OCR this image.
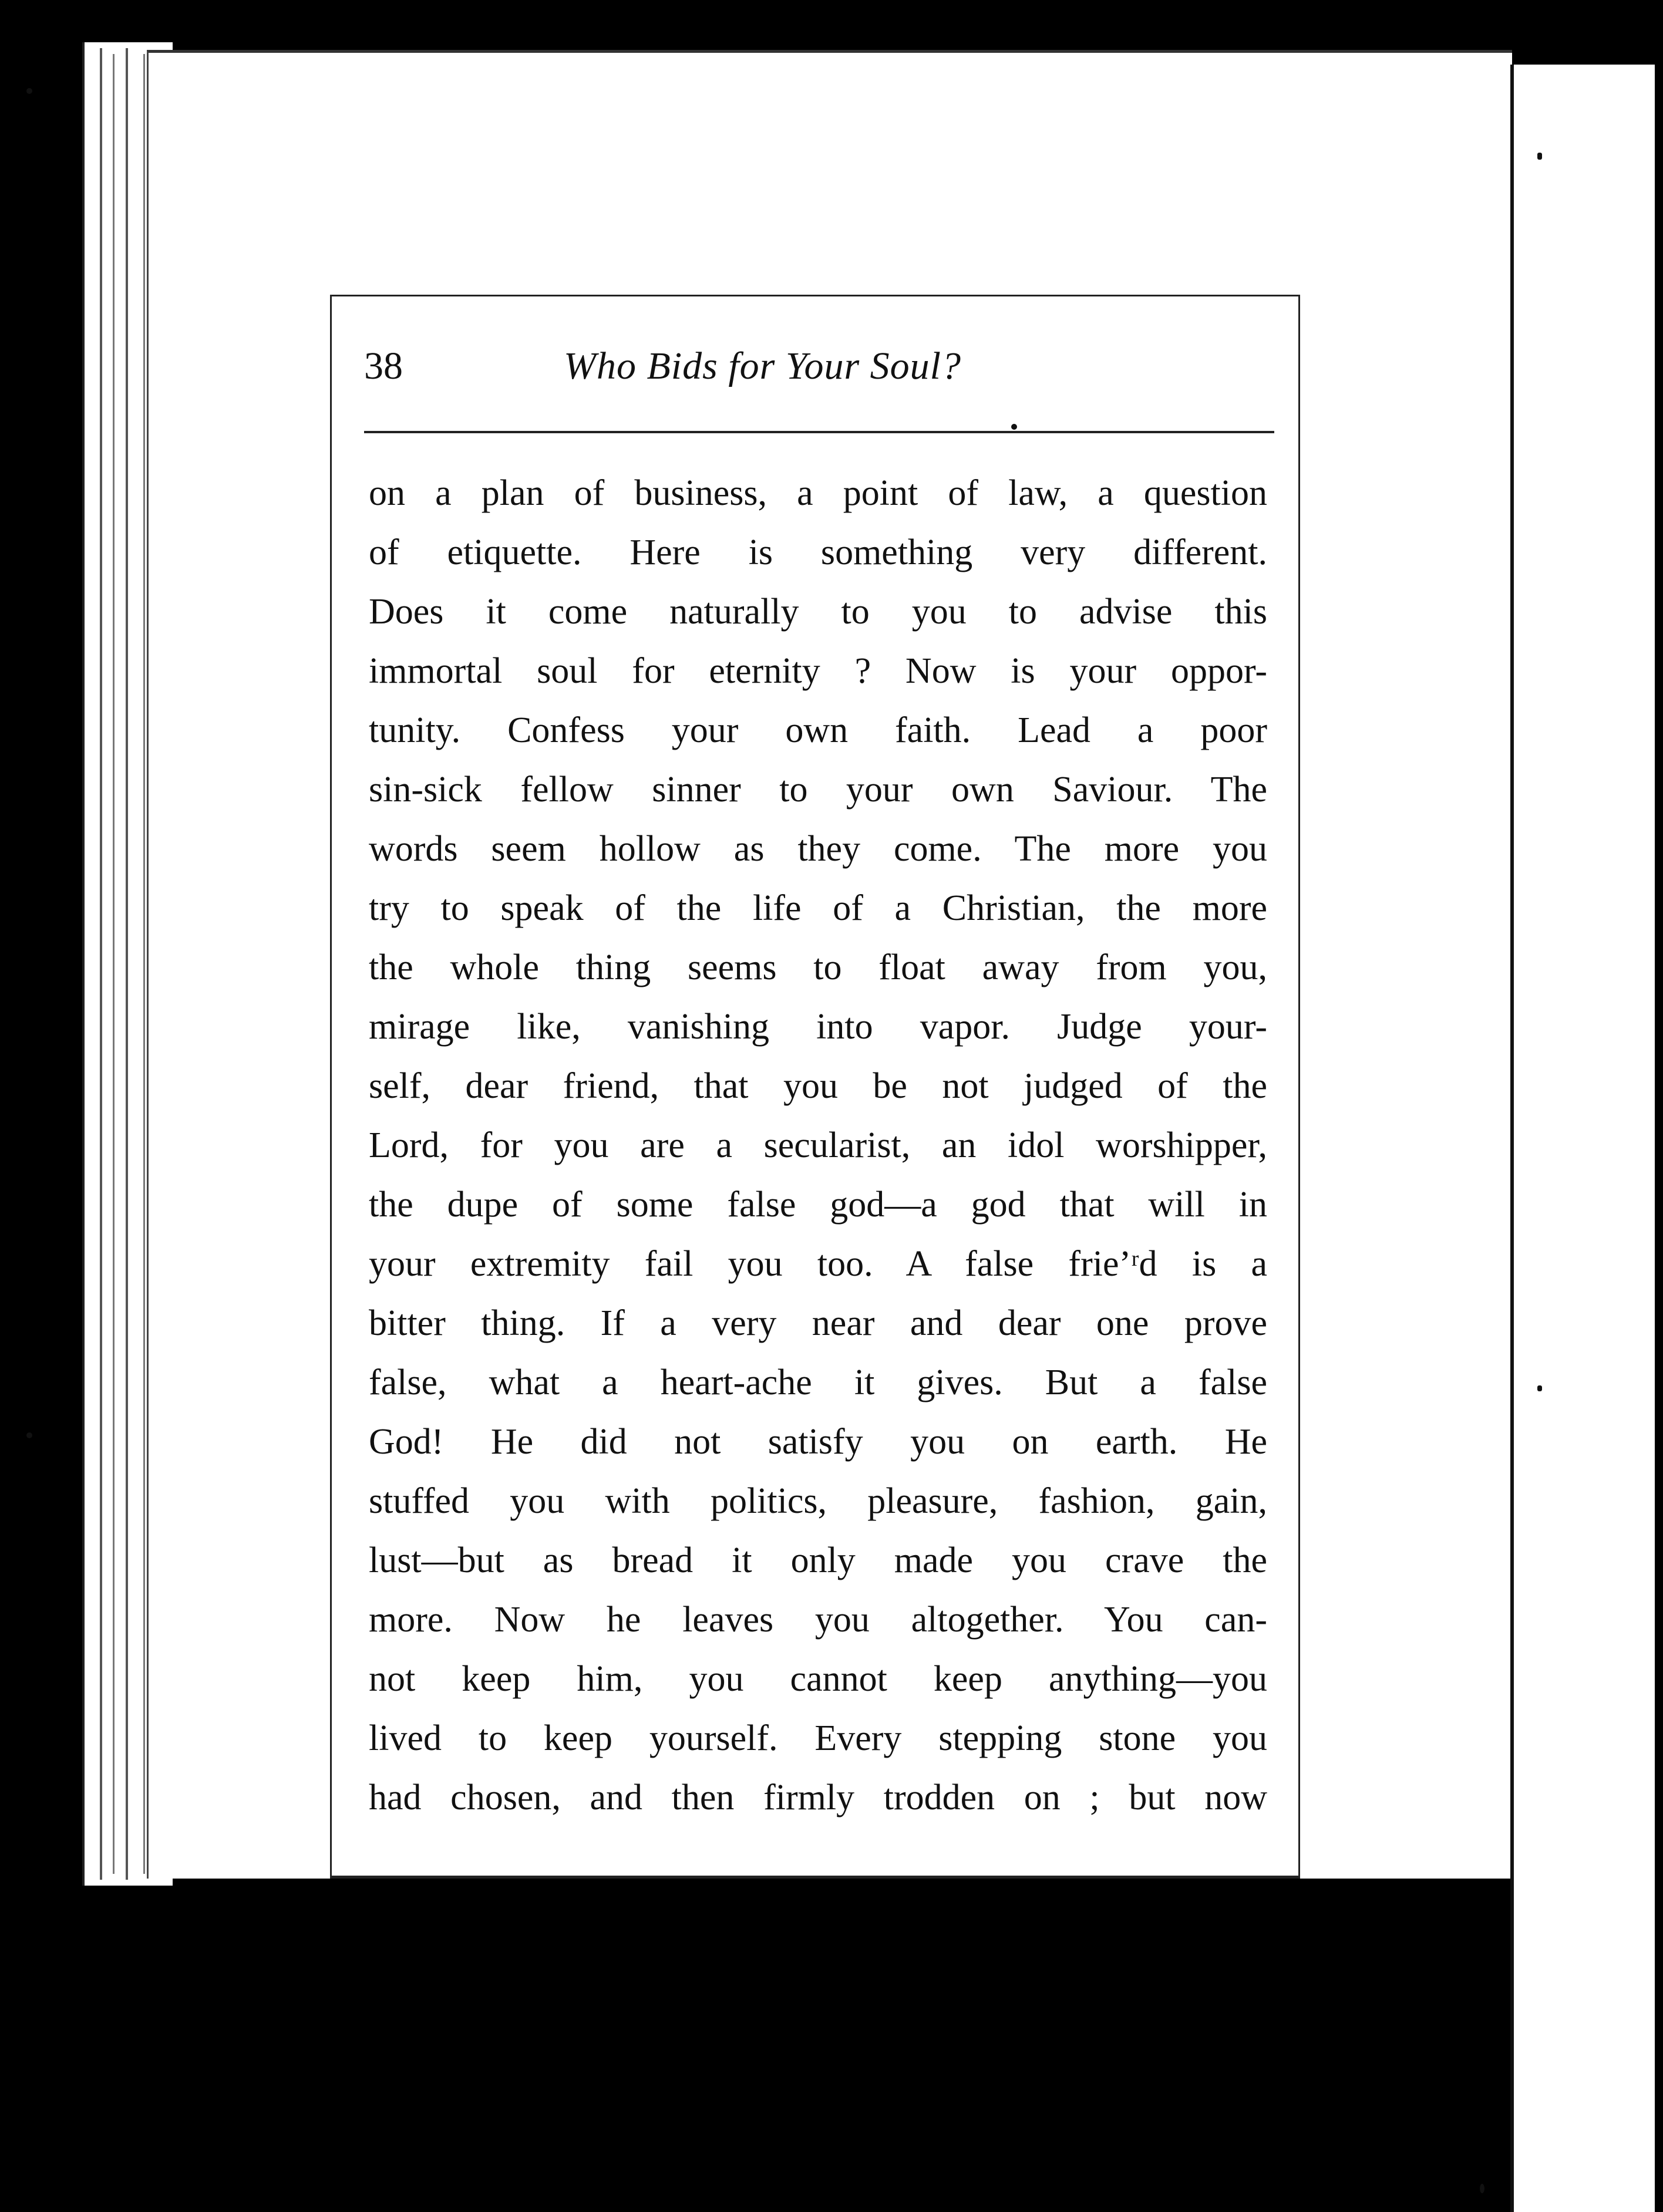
38	Who Bids for Your Soul?
on a plan of business, a point of law, a question
of etiquette. Here is something very different.
Does it come naturally to you to advise this
immortal soul for eternity ? Now is your oppor-
tunity. Confess your own faith. Lead a poor
sin-sick fellow sinner to your own Saviour. The
words seem hollow as they come. The more you
try to speak of the life of a Christian, the more
the whole thing seems to float away from you,
mirage like, vanishing into vapor. Judge your-
self, dear friend, that you be not judged of the
Lord, for you are a secularist, an idol worshipper,
the dupe of some false god—a god that will in
your extremity fail you too. A false frie’ʳd is a
bitter thing. If a very near and dear one prove
false, what a heart-ache it gives. But a false
God! He did not satisfy you on earth. He
stuffed you with politics, pleasure, fashion, gain,
lust—but as bread it only made you crave the
more. Now he leaves you altogether. You can-
not keep him, you cannot keep anything—you
lived to keep yourself. Every stepping stone you
had chosen, and then firmly trodden on ; but now
